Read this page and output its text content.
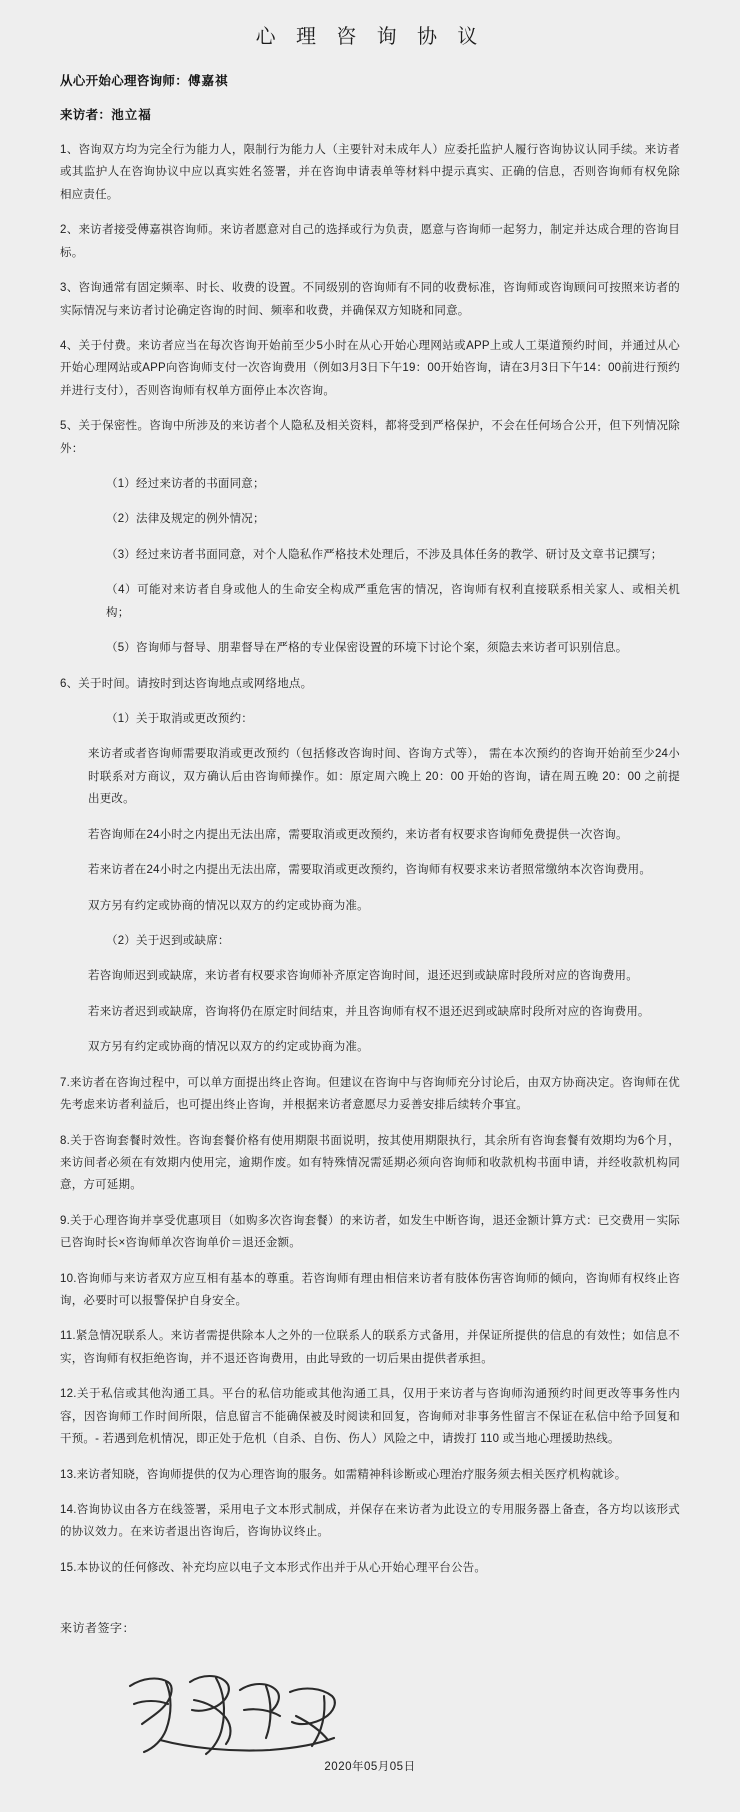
心 理 咨 询 协 议
从心开始心理咨询师：傅嘉祺
来访者：池立福

1、咨询双方均为完全行为能力人，限制行为能力人（主要针对未成年人）应委托监护人履行咨询协议认同手续。来访者或其监护人在咨询协议中应以真实姓名签署，并在咨询申请表单等材料中提示真实、正确的信息，否则咨询师有权免除相应责任。

2、来访者接受傅嘉祺咨询师。来访者愿意对自己的选择或行为负责，愿意与咨询师一起努力，制定并达成合理的咨询目标。

3、咨询通常有固定频率、时长、收费的设置。不同级别的咨询师有不同的收费标准，咨询师或咨询顾问可按照来访者的实际情况与来访者讨论确定咨询的时间、频率和收费，并确保双方知晓和同意。

4、关于付费。来访者应当在每次咨询开始前至少5小时在从心开始心理网站或APP上或人工渠道预约时间，并通过从心开始心理网站或APP向咨询师支付一次咨询费用（例如3月3日下午19：00开始咨询，请在3月3日下午14：00前进行预约并进行支付），否则咨询师有权单方面停止本次咨询。

5、关于保密性。咨询中所涉及的来访者个人隐私及相关资料，都将受到严格保护，不会在任何场合公开，但下列情况除外：

（1）经过来访者的书面同意；

（2）法律及规定的例外情况；

（3）经过来访者书面同意，对个人隐私作严格技术处理后，不涉及具体任务的教学、研讨及文章书记撰写；

（4）可能对来访者自身或他人的生命安全构成严重危害的情况，咨询师有权利直接联系相关家人、或相关机构；

（5）咨询师与督导、朋辈督导在严格的专业保密设置的环境下讨论个案，须隐去来访者可识别信息。

6、关于时间。请按时到达咨询地点或网络地点。

（1）关于取消或更改预约：

来访者或者咨询师需要取消或更改预约（包括修改咨询时间、咨询方式等）， 需在本次预约的咨询开始前至少24小时联系对方商议，双方确认后由咨询师操作。如：原定周六晚上 20：00 开始的咨询，请在周五晚 20：00 之前提出更改。

若咨询师在24小时之内提出无法出席，需要取消或更改预约，来访者有权要求咨询师免费提供一次咨询。

若来访者在24小时之内提出无法出席，需要取消或更改预约，咨询师有权要求来访者照常缴纳本次咨询费用。

双方另有约定或协商的情况以双方的约定或协商为准。

（2）关于迟到或缺席：

若咨询师迟到或缺席，来访者有权要求咨询师补齐原定咨询时间，退还迟到或缺席时段所对应的咨询费用。

若来访者迟到或缺席，咨询将仍在原定时间结束，并且咨询师有权不退还迟到或缺席时段所对应的咨询费用。

双方另有约定或协商的情况以双方的约定或协商为准。

7.来访者在咨询过程中，可以单方面提出终止咨询。但建议在咨询中与咨询师充分讨论后，由双方协商决定。咨询师在优先考虑来访者利益后，也可提出终止咨询，并根据来访者意愿尽力妥善安排后续转介事宜。

8.关于咨询套餐时效性。咨询套餐价格有使用期限书面说明，按其使用期限执行，其余所有咨询套餐有效期均为6个月，来访间者必须在有效期内使用完，逾期作废。如有特殊情况需延期必须向咨询师和收款机构书面申请，并经收款机构同意，方可延期。

9.关于心理咨询并享受优惠项目（如购多次咨询套餐）的来访者，如发生中断咨询，退还金额计算方式：已交费用－实际已咨询时长×咨询师单次咨询单价＝退还金额。

10.咨询师与来访者双方应互相有基本的尊重。若咨询师有理由相信来访者有肢体伤害咨询师的倾向，咨询师有权终止咨询，必要时可以报警保护自身安全。

11.紧急情况联系人。来访者需提供除本人之外的一位联系人的联系方式备用，并保证所提供的信息的有效性；如信息不实，咨询师有权拒绝咨询，并不退还咨询费用，由此导致的一切后果由提供者承担。

12.关于私信或其他沟通工具。平台的私信功能或其他沟通工具，仅用于来访者与咨询师沟通预约时间更改等事务性内容，因咨询师工作时间所限，信息留言不能确保被及时阅读和回复，咨询师对非事务性留言不保证在私信中给予回复和干预。- 若遇到危机情况，即正处于危机（自杀、自伤、伤人）风险之中，请拨打 110 或当地心理援助热线。

13.来访者知晓，咨询师提供的仅为心理咨询的服务。如需精神科诊断或心理治疗服务须去相关医疗机构就诊。

14.咨询协议由各方在线签署，采用电子文本形式制成，并保存在来访者为此设立的专用服务器上备查，各方均以该形式的协议效力。在来访者退出咨询后，咨询协议终止。

15.本协议的任何修改、补充均应以电子文本形式作出并于从心开始心理平台公告。

来访者签字：
2020年05月05日
